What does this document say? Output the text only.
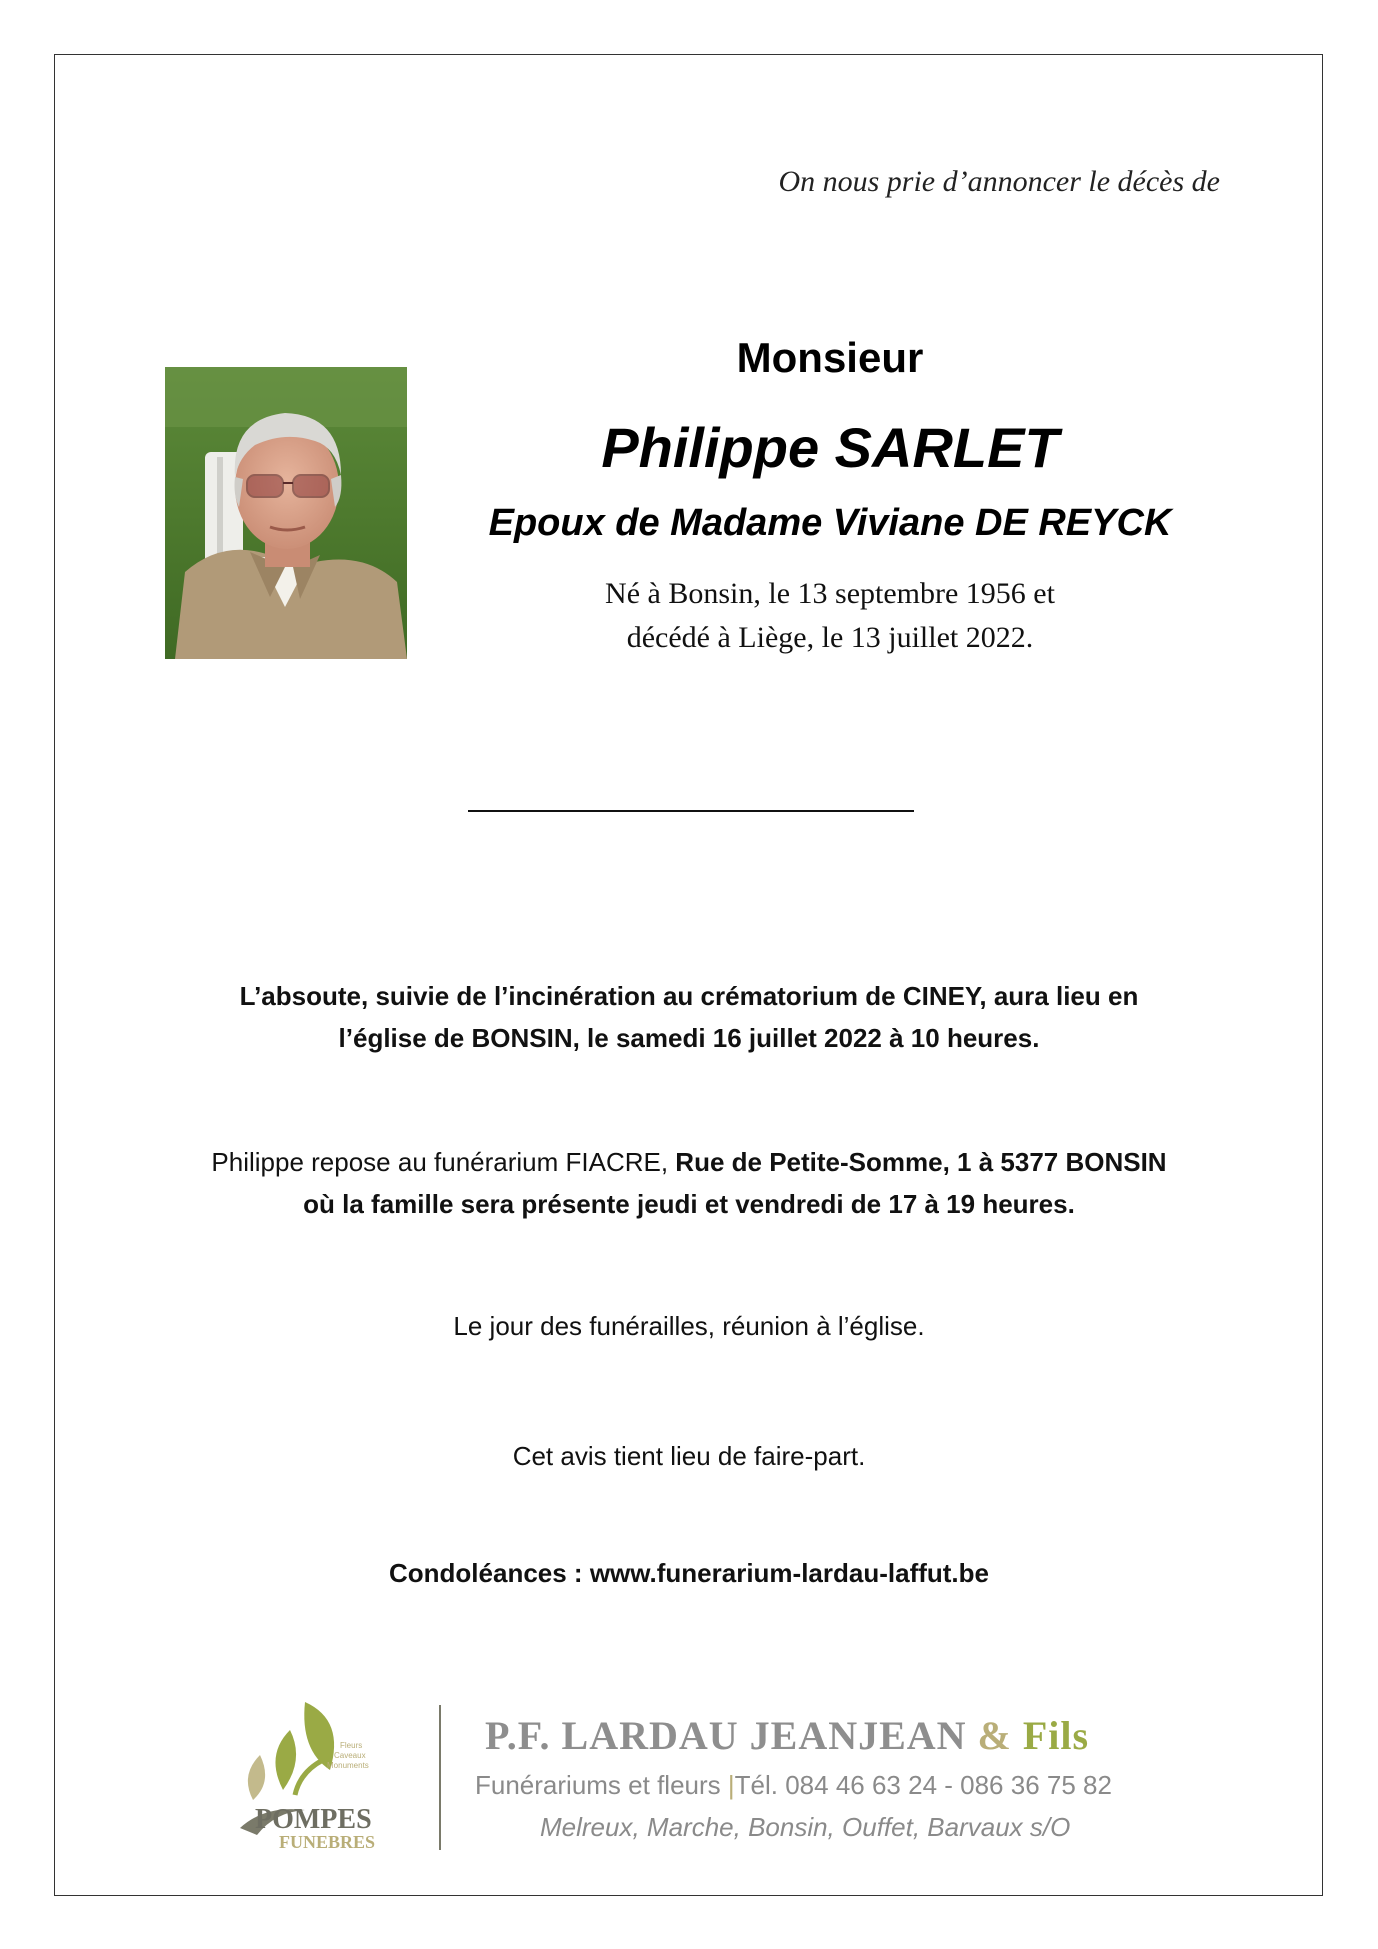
On nous prie d’annoncer le décès de
Monsieur
Philippe SARLET
Epoux de Madame Viviane DE REYCK
Né à Bonsin, le 13 septembre 1956 et
décédé à Liège, le 13 juillet 2022.
L’absoute, suivie de l’incinération au crématorium de CINEY, aura lieu en
l’église de BONSIN, le samedi 16 juillet 2022 à 10 heures.
Philippe repose au funérarium FIACRE, Rue de Petite-Somme, 1 à 5377 BONSIN
où la famille sera présente jeudi et vendredi de 17 à 19 heures.
Le jour des funérailles, réunion à l’église.
Cet avis tient lieu de faire-part.
Condoléances : www.funerarium-lardau-laffut.be
Fleurs
Caveaux
Monuments
POMPES
FUNEBRES
P.F. LARDAU JEANJEAN & Fils
Funérariums et fleurs |Tél. 084 46 63 24 - 086 36 75 82
Melreux, Marche, Bonsin, Ouffet, Barvaux s/O
